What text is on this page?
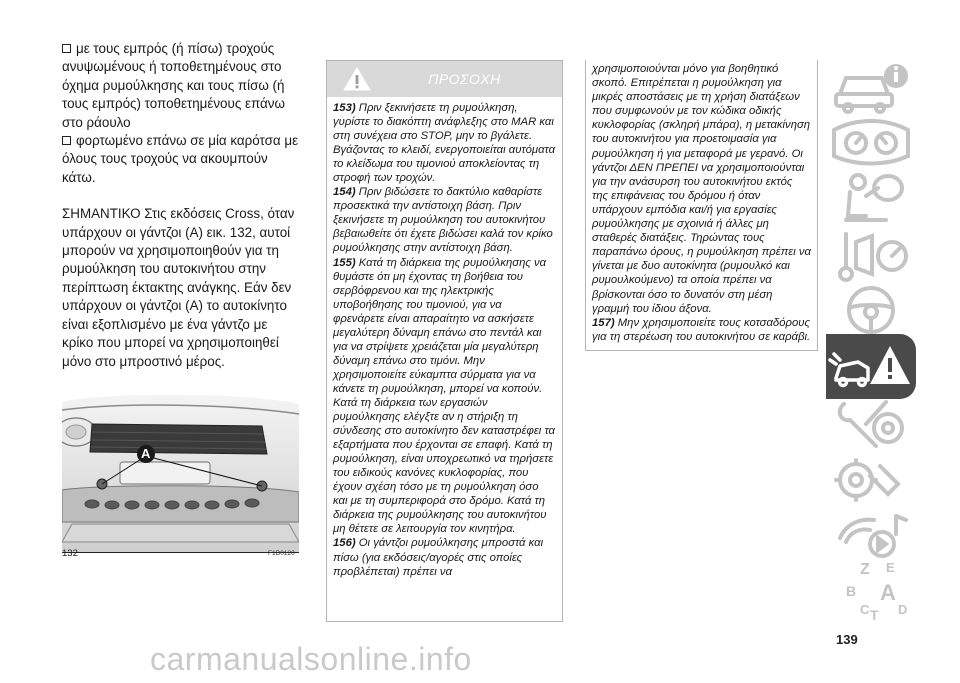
με τους εμπρός (ή πίσω) τροχούς ανυψωμένους ή τοποθετημένους στο όχημα ρυμούλκησης και τους πίσω (ή τους εμπρός) τοποθετημένους επάνω στο ράουλο
φορτωμένο επάνω σε μία καρότσα με όλους τους τροχούς να ακουμπούν κάτω.

ΣΗΜΑΝΤΙΚΟ Στις εκδόσεις Cross, όταν υπάρχουν οι γάντζοι (A) εικ. 132, αυτοί μπορούν να χρησιμοποιηθούν για τη ρυμούλκηση του αυτοκινήτου στην περίπτωση έκτακτης ανάγκης. Εάν δεν υπάρχουν οι γάντζοι (A) το αυτοκίνητο είναι εξοπλισμένο με ένα γάντζο με κρίκο που μπορεί να χρησιμοποιηθεί μόνο στο μπροστινό μέρος.

A
132	F1D0120
ΠΡΟΣΟΧΗ

153) Πριν ξεκινήσετε τη ρυμούλκηση, γυρίστε το διακόπτη ανάφλεξης στο MAR και στη συνέχεια στο STOP, μην το βγάλετε. Βγάζοντας το κλειδί, ενεργοποιείται αυτόματα το κλείδωμα του τιμονιού αποκλείοντας τη στροφή των τροχών.

154) Πριν βιδώσετε το δακτύλιο καθαρίστε προσεκτικά την αντίστοιχη βάση. Πριν ξεκινήσετε τη ρυμούλκηση του αυτοκινήτου βεβαιωθείτε ότι έχετε βιδώσει καλά τον κρίκο ρυμούλκησης στην αντίστοιχη βάση.

155) Κατά τη διάρκεια της ρυμούλκησης να θυμάστε ότι μη έχοντας τη βοήθεια του σερβόφρενου και της ηλεκτρικής υποβοήθησης του τιμονιού, για να φρενάρετε είναι απαραίτητο να ασκήσετε μεγαλύτερη δύναμη επάνω στο πεντάλ και για να στρίψετε χρειάζεται μία μεγαλύτερη δύναμη επάνω στο τιμόνι. Μην χρησιμοποιείτε εύκαμπτα σύρματα για να κάνετε τη ρυμούλκηση, μπορεί να κοπούν. Κατά τη διάρκεια των εργασιών ρυμούλκησης ελέγξτε αν η στήριξη τη σύνδεσης στο αυτοκίνητο δεν καταστρέφει τα εξαρτήματα που έρχονται σε επαφή. Κατά τη ρυμούλκηση, είναι υποχρεωτικό να τηρήσετε του ειδικούς κανόνες κυκλοφορίας, που έχουν σχέση τόσο με τη ρυμούλκηση όσο και με τη συμπεριφορά στο δρόμο. Κατά τη διάρκεια της ρυμούλκησης του αυτοκινήτου μη θέτετε σε λειτουργία τον κινητήρα.

156) Οι γάντζοι ρυμούλκησης μπροστά και πίσω (για εκδόσεις/αγορές στις οποίες προβλέπεται) πρέπει να

χρησιμοποιούνται μόνο για βοηθητικό σκοπό. Επιτρέπεται η ρυμούλκηση για μικρές αποστάσεις με τη χρήση διατάξεων που συμφωνούν με τον κώδικα οδικής κυκλοφορίας (σκληρή μπάρα), η μετακίνηση του αυτοκινήτου για προετοιμασία για ρυμούλκηση ή για μεταφορά με γερανό. Οι γάντζοι ΔΕΝ ΠΡΕΠΕΙ να χρησιμοποιούνται για την ανάσυρση του αυτοκινήτου εκτός της επιφάνειας του δρόμου ή όταν υπάρχουν εμπόδια και/ή για εργασίες ρυμούλκησης με σχοινιά ή άλλες μη σταθερές διατάξεις. Τηρώντας τους παραπάνω όρους, η ρυμούλκηση πρέπει να γίνεται με δυο αυτοκίνητα (ρυμουλκό και ρυμουλκούμενο) τα οποία πρέπει να βρίσκονται όσο το δυνατόν στη μέση γραμμή του ίδιου άξονα.

157) Μην χρησιμοποιείτε τους κοτσαδόρους για τη στερέωση του αυτοκινήτου σε καράβι.

Z E
B A
C T D
139
carmanualsonline.info
